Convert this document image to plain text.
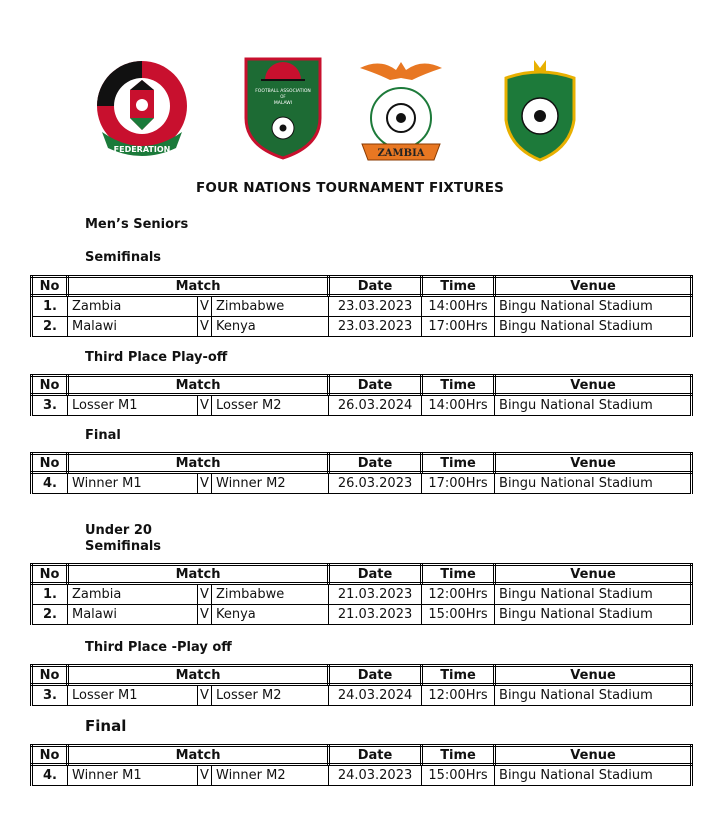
FEDERATION
FOOTBALL ASSOCIATION
OF
MALAWI
ZAMBIA
FOUR NATIONS TOURNAMENT FIXTURES
Men’s Seniors
Semifinals
No	Match			Date	Time	Venue
1.	Zambia	V	Zimbabwe	23.03.2023	14:00Hrs	Bingu National Stadium
2.	Malawi	V	Kenya	23.03.2023	17:00Hrs	Bingu National Stadium
Third Place Play-off
No	Match			Date	Time	Venue
3.	Losser M1	V	Losser M2	26.03.2024	14:00Hrs	Bingu National Stadium
Final
No	Match			Date	Time	Venue
4.	Winner M1	V	Winner M2	26.03.2023	17:00Hrs	Bingu National Stadium
Under 20
Semifinals
No	Match			Date	Time	Venue
1.	Zambia	V	Zimbabwe	21.03.2023	12:00Hrs	Bingu National Stadium
2.	Malawi	V	Kenya	21.03.2023	15:00Hrs	Bingu National Stadium
Third Place -Play off
No	Match			Date	Time	Venue
3.	Losser M1	V	Losser M2	24.03.2024	12:00Hrs	Bingu National Stadium
Final
No	Match			Date	Time	Venue
4.	Winner M1	V	Winner M2	24.03.2023	15:00Hrs	Bingu National Stadium
